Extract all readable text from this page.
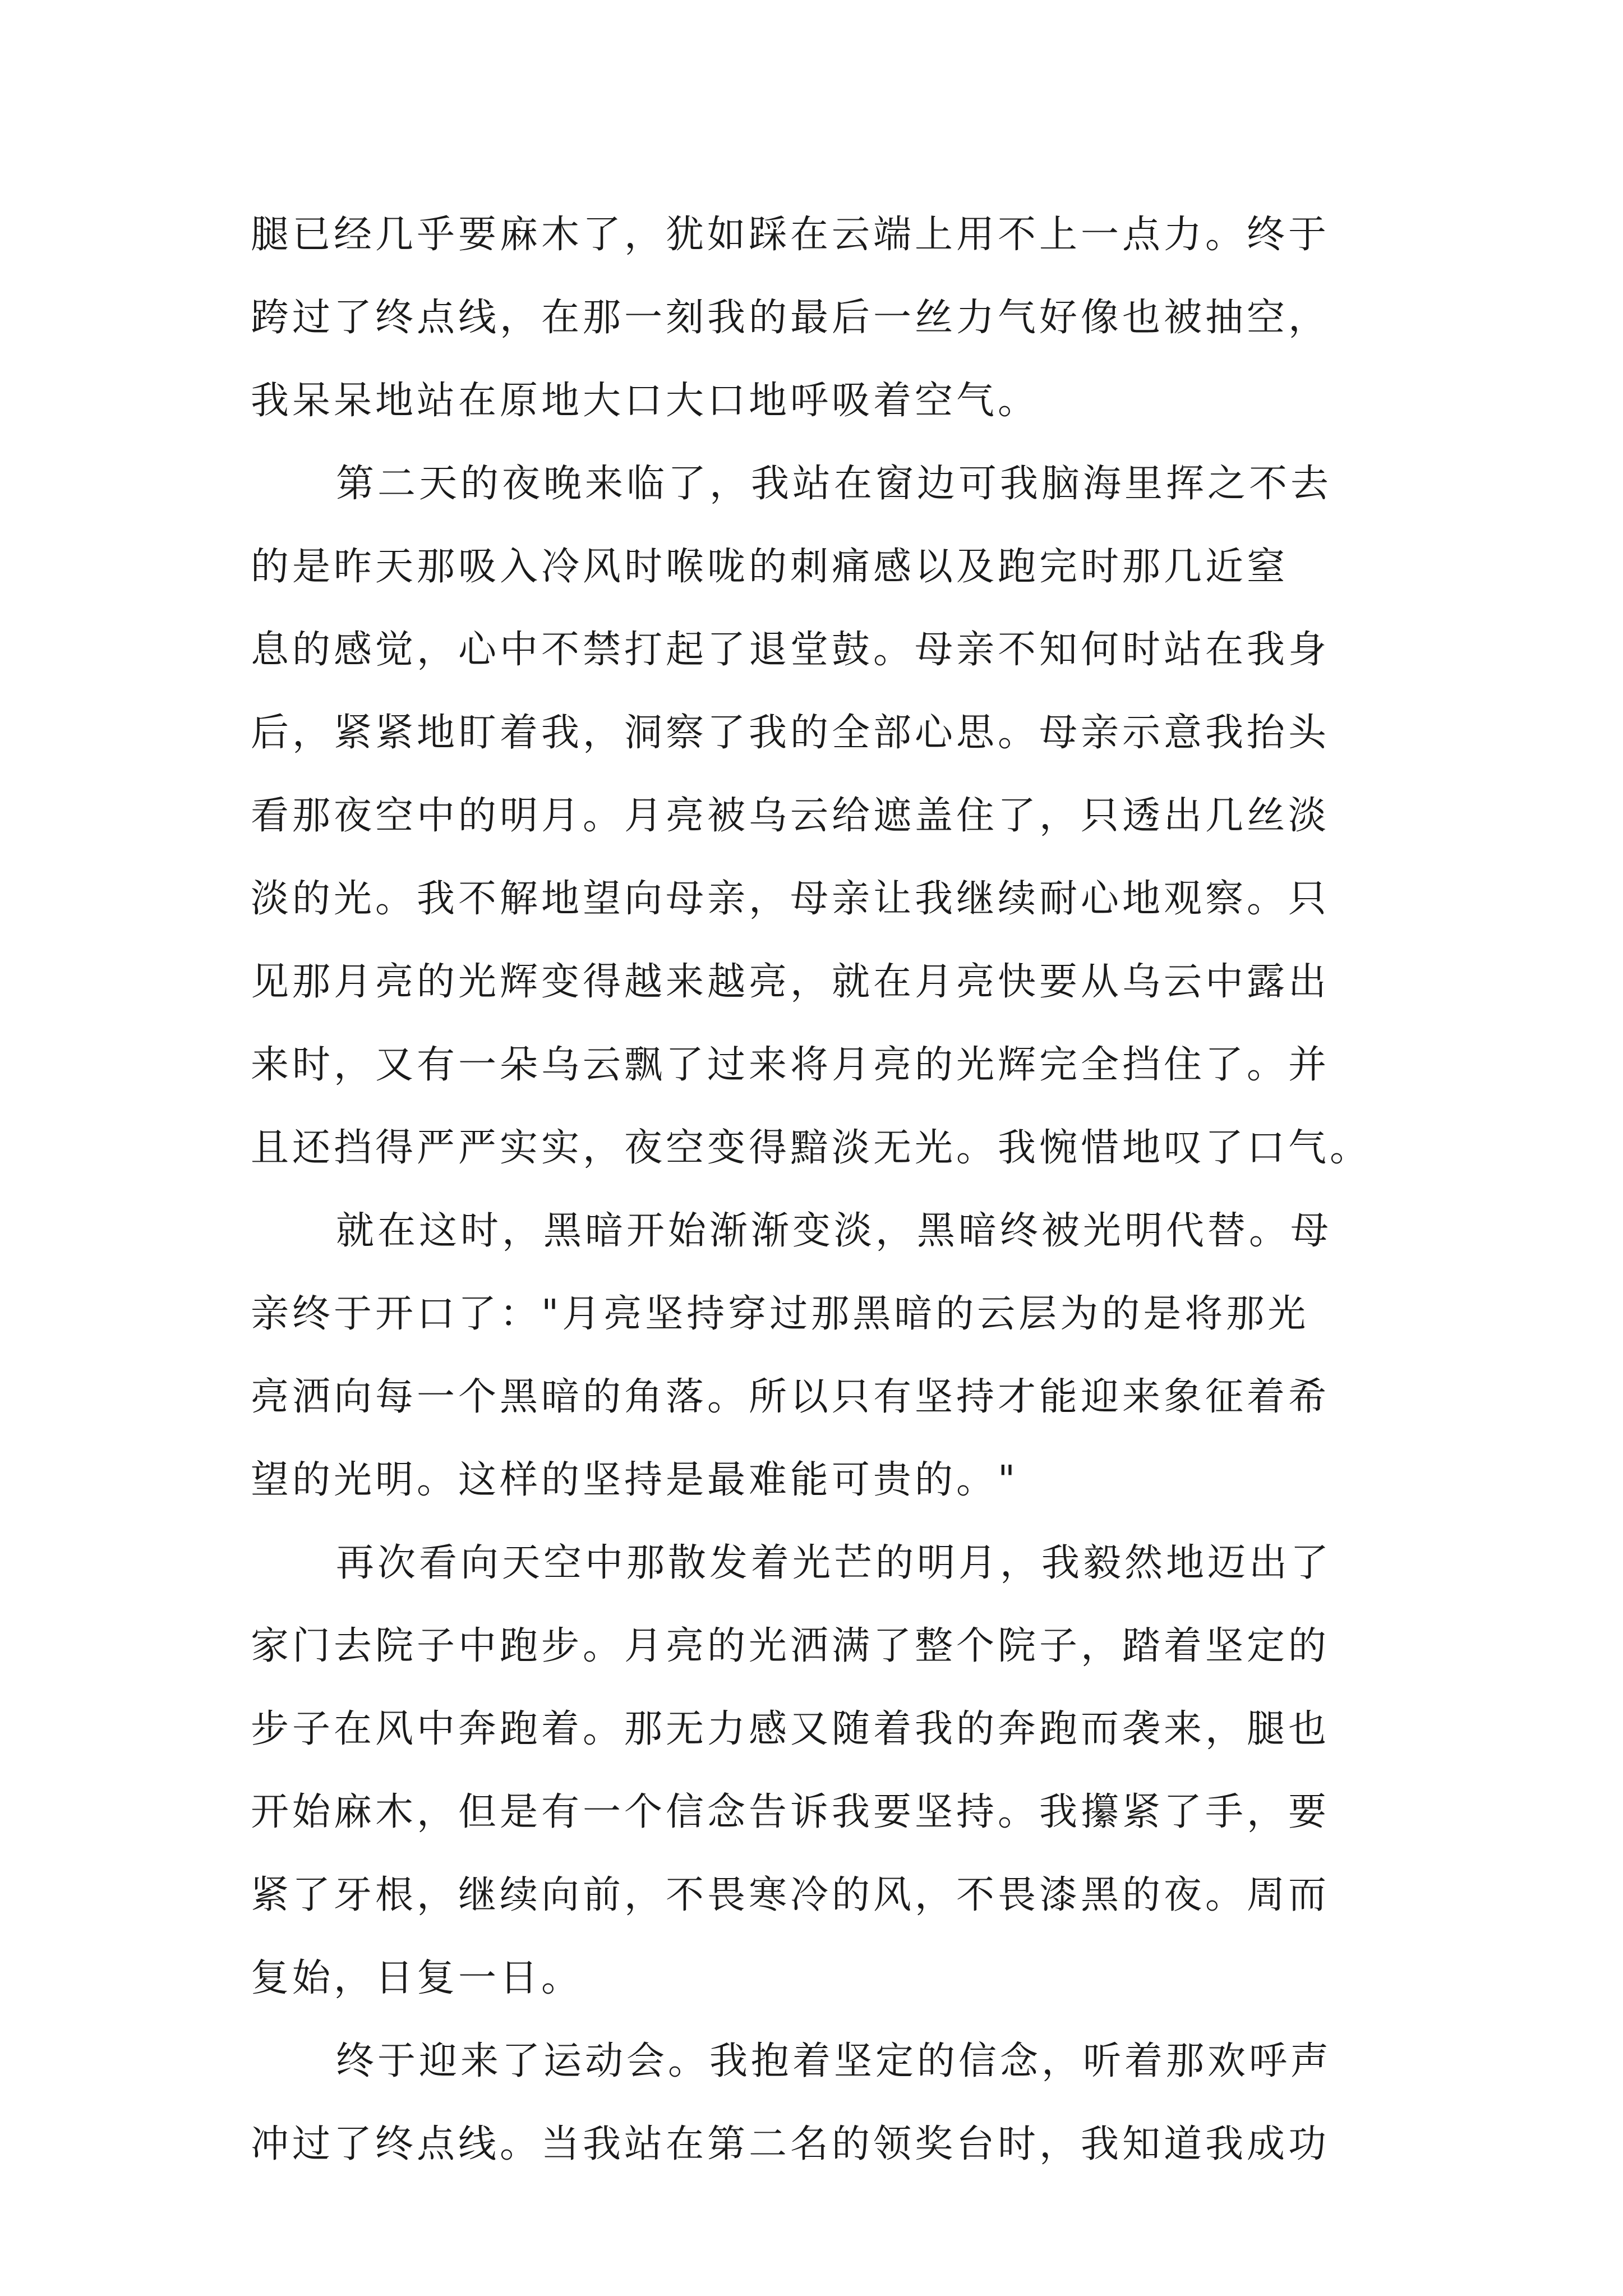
腿已经几乎要麻木了，犹如踩在云端上用不上一点力。终于
跨过了终点线，在那一刻我的最后一丝力气好像也被抽空，
我呆呆地站在原地大口大口地呼吸着空气。
第二天的夜晚来临了，我站在窗边可我脑海里挥之不去
的是昨天那吸入冷风时喉咙的刺痛感以及跑完时那几近窒
息的感觉，心中不禁打起了退堂鼓。母亲不知何时站在我身
后，紧紧地盯着我，洞察了我的全部心思。母亲示意我抬头
看那夜空中的明月。月亮被乌云给遮盖住了，只透出几丝淡
淡的光。我不解地望向母亲，母亲让我继续耐心地观察。只
见那月亮的光辉变得越来越亮，就在月亮快要从乌云中露出
来时，又有一朵乌云飘了过来将月亮的光辉完全挡住了。并
且还挡得严严实实，夜空变得黯淡无光。我惋惜地叹了口气。
就在这时，黑暗开始渐渐变淡，黑暗终被光明代替。母
亲终于开口了："月亮坚持穿过那黑暗的云层为的是将那光
亮洒向每一个黑暗的角落。所以只有坚持才能迎来象征着希
望的光明。这样的坚持是最难能可贵的。"
再次看向天空中那散发着光芒的明月，我毅然地迈出了
家门去院子中跑步。月亮的光洒满了整个院子，踏着坚定的
步子在风中奔跑着。那无力感又随着我的奔跑而袭来，腿也
开始麻木，但是有一个信念告诉我要坚持。我攥紧了手，要
紧了牙根，继续向前，不畏寒冷的风，不畏漆黑的夜。周而
复始，日复一日。
终于迎来了运动会。我抱着坚定的信念，听着那欢呼声
冲过了终点线。当我站在第二名的领奖台时，我知道我成功
